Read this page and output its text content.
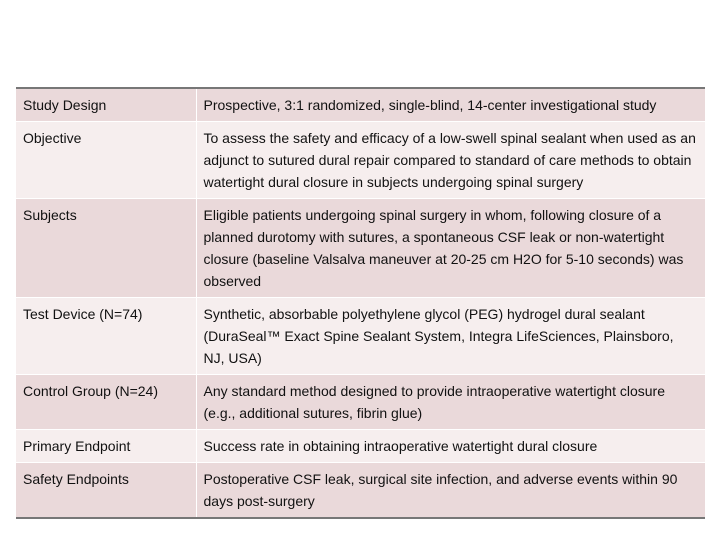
Study Design	Prospective, 3:1 randomized, single-blind, 14-center investigational study
Objective	To assess the safety and efficacy of a low-swell spinal sealant when used as an adjunct to sutured dural repair compared to standard of care methods to obtain watertight dural closure in subjects undergoing spinal surgery
Subjects	Eligible patients undergoing spinal surgery in whom, following closure of a planned durotomy with sutures, a spontaneous CSF leak or non-watertight closure (baseline Valsalva maneuver at 20-25 cm H2O for 5-10 seconds) was observed
Test Device (N=74)	Synthetic, absorbable polyethylene glycol (PEG) hydrogel dural sealant (DuraSeal™ Exact Spine Sealant System, Integra LifeSciences, Plainsboro, NJ, USA)
Control Group (N=24)	Any standard method designed to provide intraoperative watertight closure (e.g., additional sutures, fibrin glue)
Primary Endpoint	Success rate in obtaining intraoperative watertight dural closure
Safety Endpoints	Postoperative CSF leak, surgical site infection, and adverse events within 90 days post-surgery
